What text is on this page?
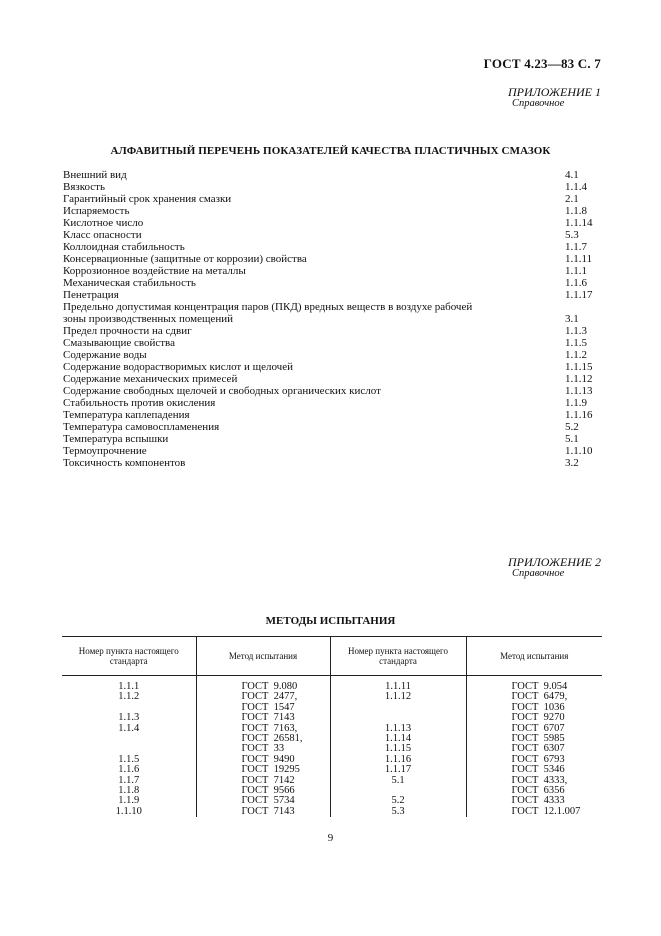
ГОСТ 4.23—83 С. 7
ПРИЛОЖЕНИЕ 1
Справочное
АЛФАВИТНЫЙ ПЕРЕЧЕНЬ ПОКАЗАТЕЛЕЙ КАЧЕСТВА ПЛАСТИЧНЫХ СМАЗОК
Внешний вид	4.1
Вязкость	1.1.4
Гарантийный срок хранения смазки	2.1
Испаряемость	1.1.8
Кислотное число	1.1.14
Класс опасности	5.3
Коллоидная стабильность	1.1.7
Консервационные (защитные от коррозии) свойства	1.1.11
Коррозионное воздействие на металлы	1.1.1
Механическая стабильность	1.1.6
Пенетрация	1.1.17
Предельно допустимая концентрация паров (ПКД) вредных веществ в воздухе рабочей зоны производственных помещений	3.1
Предел прочности на сдвиг	1.1.3
Смазывающие свойства	1.1.5
Содержание воды	1.1.2
Содержание водорастворимых кислот и щелочей	1.1.15
Содержание механических примесей	1.1.12
Содержание свободных щелочей и свободных органических кислот	1.1.13
Стабильность против окисления	1.1.9
Температура каплепадения	1.1.16
Температура самовоспламенения	5.2
Температура вспышки	5.1
Термоупрочнение	1.1.10
Токсичность компонентов	3.2
ПРИЛОЖЕНИЕ 2
Справочное
МЕТОДЫ ИСПЫТАНИЯ
Номер пункта настоящего стандарта	Метод испытания	Номер пункта настоящего стандарта	Метод испытания
1.1.1	ГОСТ  9.080	1.1.11	ГОСТ  9.054
1.1.2	ГОСТ  2477,	1.1.12	ГОСТ  6479,
	ГОСТ  1547		ГОСТ  1036
1.1.3	ГОСТ  7143		ГОСТ  9270
1.1.4	ГОСТ  7163,	1.1.13	ГОСТ  6707
	ГОСТ  26581,	1.1.14	ГОСТ  5985
	ГОСТ  33	1.1.15	ГОСТ  6307
1.1.5	ГОСТ  9490	1.1.16	ГОСТ  6793
1.1.6	ГОСТ  19295	1.1.17	ГОСТ  5346
1.1.7	ГОСТ  7142	5.1	ГОСТ  4333,
1.1.8	ГОСТ  9566		ГОСТ  6356
1.1.9	ГОСТ  5734	5.2	ГОСТ  4333
1.1.10	ГОСТ  7143	5.3	ГОСТ  12.1.007
9
